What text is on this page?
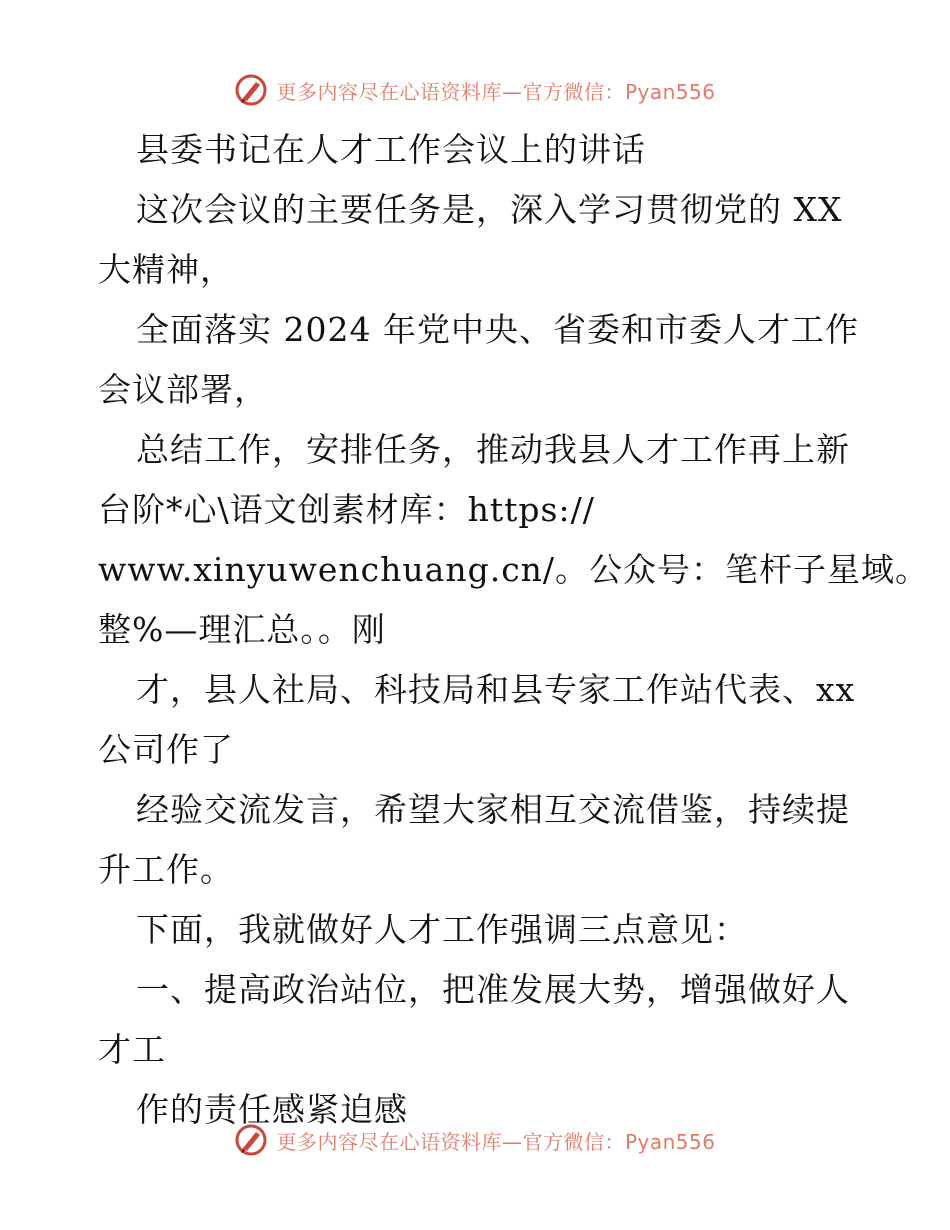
更多内容尽在心语资料库—官方微信：Pyan556
县委书记在人才工作会议上的讲话
这次会议的主要任务是，深入学习贯彻党的 XX
大精神，
全面落实 2024 年党中央、省委和市委人才工作
会议部署，
总结工作，安排任务，推动我县人才工作再上新
台阶*心\语文创素材库：https://
www.xinyuwenchuang.cn/。公众号：笔杆子星域。
整%—理汇总。。刚
才，县人社局、科技局和县专家工作站代表、xx
公司作了
经验交流发言，希望大家相互交流借鉴，持续提
升工作。
下面，我就做好人才工作强调三点意见：
一、提高政治站位，把准发展大势，增强做好人
才工
作的责任感紧迫感
更多内容尽在心语资料库—官方微信：Pyan556
